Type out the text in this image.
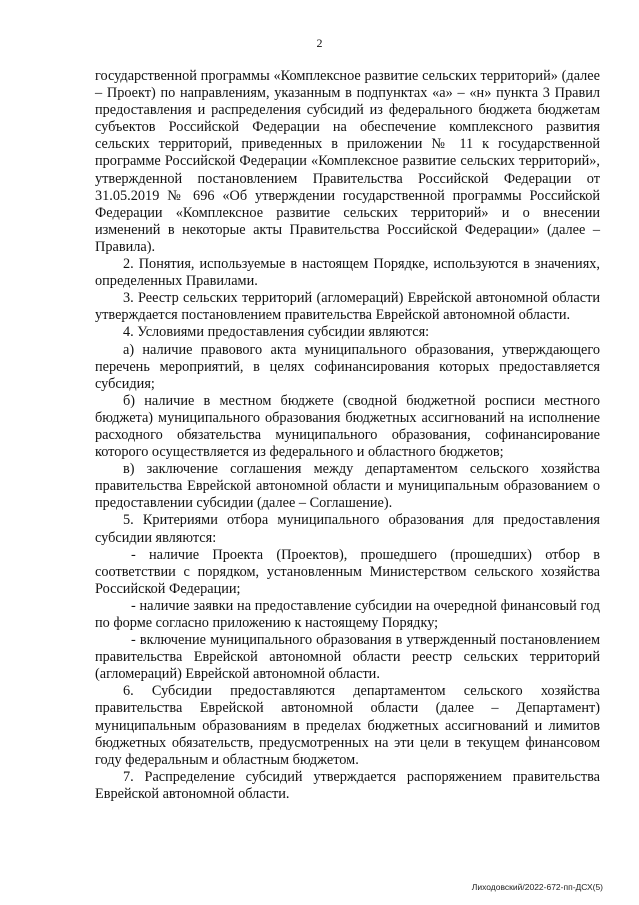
2

государственной программы «Комплексное развитие сельских территорий» (далее – Проект) по направлениям, указанным в подпунктах «а» – «н» пункта 3 Правил предоставления и распределения субсидий из федерального бюджета бюджетам субъектов Российской Федерации на обеспечение комплексного развития сельских территорий, приведенных в приложении № 11 к государственной программе Российской Федерации «Комплексное развитие сельских территорий», утвержденной постановлением Правительства Российской Федерации от 31.05.2019 № 696 «Об утверждении государственной программы Российской Федерации «Комплексное развитие сельских территорий» и о внесении изменений в некоторые акты Правительства Российской Федерации» (далее – Правила).

2. Понятия, используемые в настоящем Порядке, используются в значениях, определенных Правилами.

3. Реестр сельских территорий (агломераций) Еврейской автономной области утверждается постановлением правительства Еврейской автономной области.

4. Условиями предоставления субсидии являются:

а) наличие правового акта муниципального образования, утверждающего перечень мероприятий, в целях софинансирования которых предоставляется субсидия;

б) наличие в местном бюджете (сводной бюджетной росписи местного бюджета) муниципального образования бюджетных ассигнований на исполнение расходного обязательства муниципального образования, софинансирование которого осуществляется из федерального и областного бюджетов;

в) заключение соглашения между департаментом сельского хозяйства правительства Еврейской автономной области и муниципальным образованием о предоставлении субсидии (далее – Соглашение).

5. Критериями отбора муниципального образования для предоставления субсидии являются:

- наличие Проекта (Проектов), прошедшего (прошедших) отбор в соответствии с порядком, установленным Министерством сельского хозяйства Российской Федерации;

- наличие заявки на предоставление субсидии на очередной финансовый год по форме согласно приложению к настоящему Порядку;

- включение муниципального образования в утвержденный постановлением правительства Еврейской автономной области реестр сельских территорий (агломераций) Еврейской автономной области.

6. Субсидии предоставляются департаментом сельского хозяйства правительства Еврейской автономной области (далее – Департамент) муниципальным образованиям в пределах бюджетных ассигнований и лимитов бюджетных обязательств, предусмотренных на эти цели в текущем финансовом году федеральным и областным бюджетом.

7. Распределение субсидий утверждается распоряжением правительства Еврейской автономной области.

Лиходовский/2022-672-пп-ДСХ(5)
